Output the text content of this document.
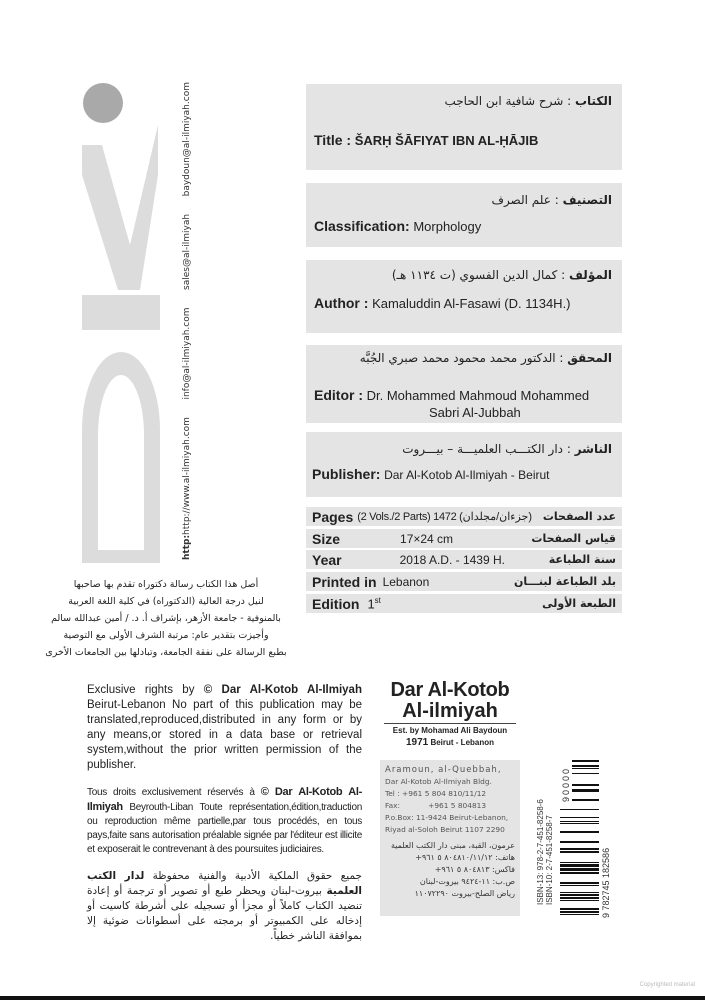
http:http://www.al-ilmiyah.com
info@al-ilmiyah.com
sales@al-ilmiyah
baydoun@al-ilmiyah.com	الكتاب : شرح شافية ابن الحاجب
Title : ŠARḤ ŠĀFIYAT IBN AL-ḤĀJIB
التصنيف : علم الصرف
Classification: Morphology
المؤلف : كمال الدين الفسوي (ت ١١٣٤ هـ)
Author : Kamaluddin Al-Fasawi (D. 1134H.)
المحقق : الدكتور محمد محمود محمد صبري الجُبَّه
Editor : Dr. Mohammed Mahmoud Mohammed
Sabri Al-Jubbah
الناشر : دار الكتـــب العلميـــة – بيـــروت
Publisher: Dar Al-Kotob Al-Ilmiyah - Beirut
Pages (2 Vols./2 Parts) 1472 (جزءان/مجلدان) عدد الصفحات
Size	17×24 cm	قياس الصفحات
Year	2018 A.D. - 1439 H.	سنة الطباعة
Printed in Lebanon	بلد الطباعة لبنـــان
Edition 1st	الطبعة الأولى
أصل هذا الكتاب رسالة دكتوراه تقدم بها صاحبها
لنيل درجة العالية (الدكتوراه) في كلية اللغة العربية
بالمنوفية - جامعة الأزهر، بإشراف أ. د. / أمين عبدالله سالم
وأجيزت بتقدير عام: مرتبة الشرف الأولى مع التوصية
بطبع الرسالة على نفقة الجامعة، وتبادلها بين الجامعات الأخرى
Exclusive rights by © Dar Al-Kotob Al-Ilmiyah Beirut-Lebanon No part of this publication may be translated,reproduced,distributed in any form or by any means,or stored in a data base or retrieval system,without the prior written permission of the publisher.
Tous droits exclusivement réservés à © Dar Al-Kotob Al-Ilmiyah Beyrouth-Liban Toute représentation,édition,traduction ou reproduction même partielle,par tous procédés, en tous pays,faite sans autorisation préalable signée par l'éditeur est illicite et exposerait le contrevenant à des poursuites judiciaires.
جميع حقوق الملكية الأدبية والفنية محفوظة لدار الكتب العلمية بيروت-لبنان ويحظر طبع أو تصوير أو ترجمة أو إعادة تنضيد الكتاب كاملاً أو مجزأ أو تسجيله على أشرطة كاسيت أو إدخاله على الكمبيوتر أو برمجته على أسطوانات ضوئية إلا بموافقة الناشر خطياً.
Dar Al-Kotob
Al-ilmiyah
Est. by Mohamad Ali Baydoun
1971 Beirut - Lebanon
Aramoun, al-Quebbah,
Dar Al-Kotob Al-Ilmiyah Bldg.
Tel : +961 5 804 810/11/12
Fax:            +961 5 804813
P.o.Box: 11-9424 Beirut-Lebanon,
Riyad al-Soloh Beirut 1107 2290
عرمون، القبة، مبنى دار الكتب العلمية
هاتف: ٨٠٤٨١٠/١١/١٢ ٥ ٩٦١+
فاكس: ٨٠٤٨١٣ ٥ ٩٦١+
ص.ب: ١١-٩٤٢٤ بيروت-لبنان
رياض الصلح-بيروت ١١٠٧٢٢٩٠	ISBN-13: 978-2-7-451-8258-6 ISBN-10: 2-7-451-8258-7	9 782745 182586
90000
Copyrighted material
